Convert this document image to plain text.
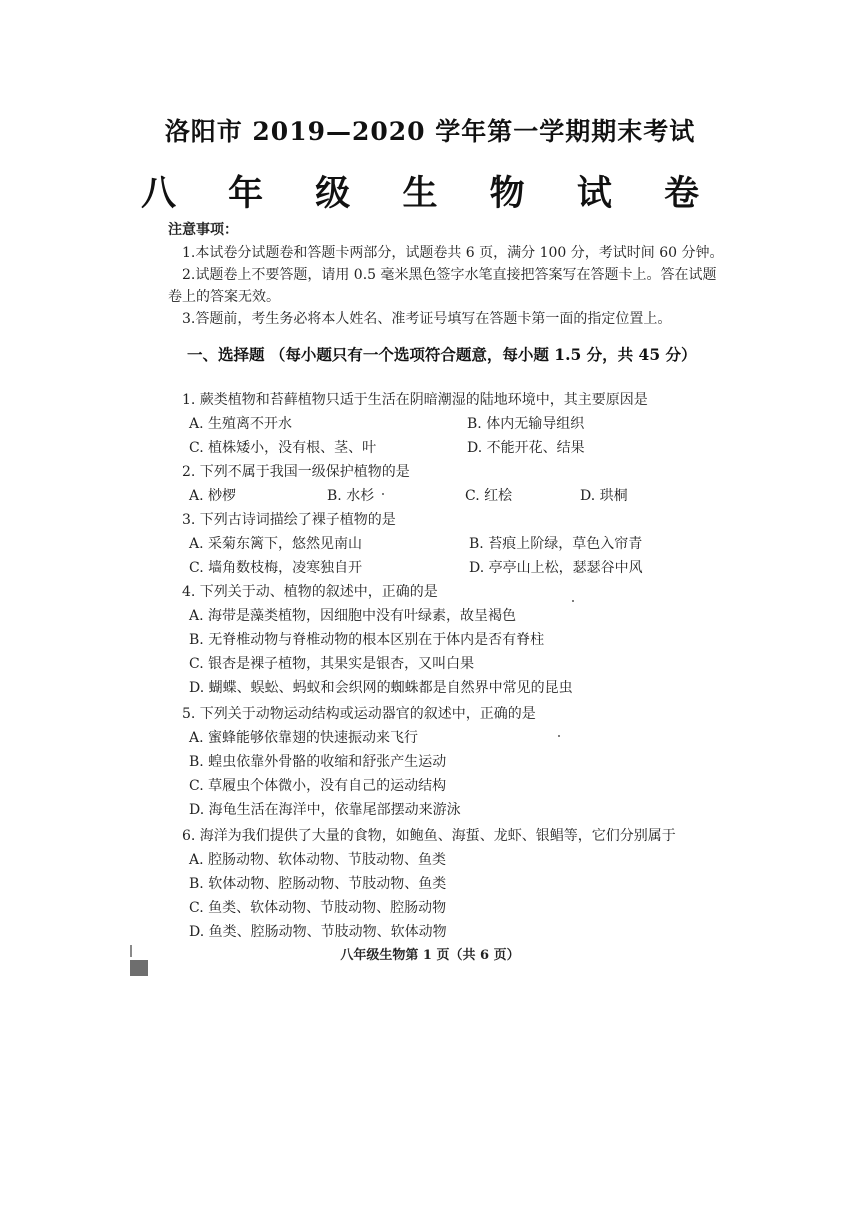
洛阳市 2019—2020 学年第一学期期末考试
八 年 级 生 物 试 卷
注意事项：
1.本试卷分试题卷和答题卡两部分，试题卷共 6 页，满分 100 分，考试时间 60 分钟。
2.试题卷上不要答题，请用 0.5 毫米黑色签字水笔直接把答案写在答题卡上。答在试题
卷上的答案无效。
3.答题前，考生务必将本人姓名、准考证号填写在答题卡第一面的指定位置上。
一、选择题 （每小题只有一个选项符合题意，每小题 1.5 分，共 45 分）
1. 蕨类植物和苔藓植物只适于生活在阴暗潮湿的陆地环境中，其主要原因是
A. 生殖离不开水	B. 体内无输导组织
C. 植株矮小，没有根、茎、叶	D. 不能开花、结果
2. 下列不属于我国一级保护植物的是
A. 桫椤	B. 水杉	C. 红桧	D. 珙桐
3. 下列古诗词描绘了裸子植物的是
A. 采菊东篱下，悠然见南山	B. 苔痕上阶绿，草色入帘青
C. 墙角数枝梅，凌寒独自开	D. 亭亭山上松，瑟瑟谷中风
4. 下列关于动、植物的叙述中，正确的是
A. 海带是藻类植物，因细胞中没有叶绿素，故呈褐色
B. 无脊椎动物与脊椎动物的根本区别在于体内是否有脊柱
C. 银杏是裸子植物，其果实是银杏，又叫白果
D. 蝴蝶、蜈蚣、蚂蚁和会织网的蜘蛛都是自然界中常见的昆虫
5. 下列关于动物运动结构或运动器官的叙述中，正确的是
A. 蜜蜂能够依靠翅的快速振动来飞行
B. 蝗虫依靠外骨骼的收缩和舒张产生运动
C. 草履虫个体微小，没有自己的运动结构
D. 海龟生活在海洋中，依靠尾部摆动来游泳
6. 海洋为我们提供了大量的食物，如鲍鱼、海蜇、龙虾、银鲳等，它们分别属于
A. 腔肠动物、软体动物、节肢动物、鱼类
B. 软体动物、腔肠动物、节肢动物、鱼类
C. 鱼类、软体动物、节肢动物、腔肠动物
D. 鱼类、腔肠动物、节肢动物、软体动物
八年级生物第 1 页（共 6 页）
